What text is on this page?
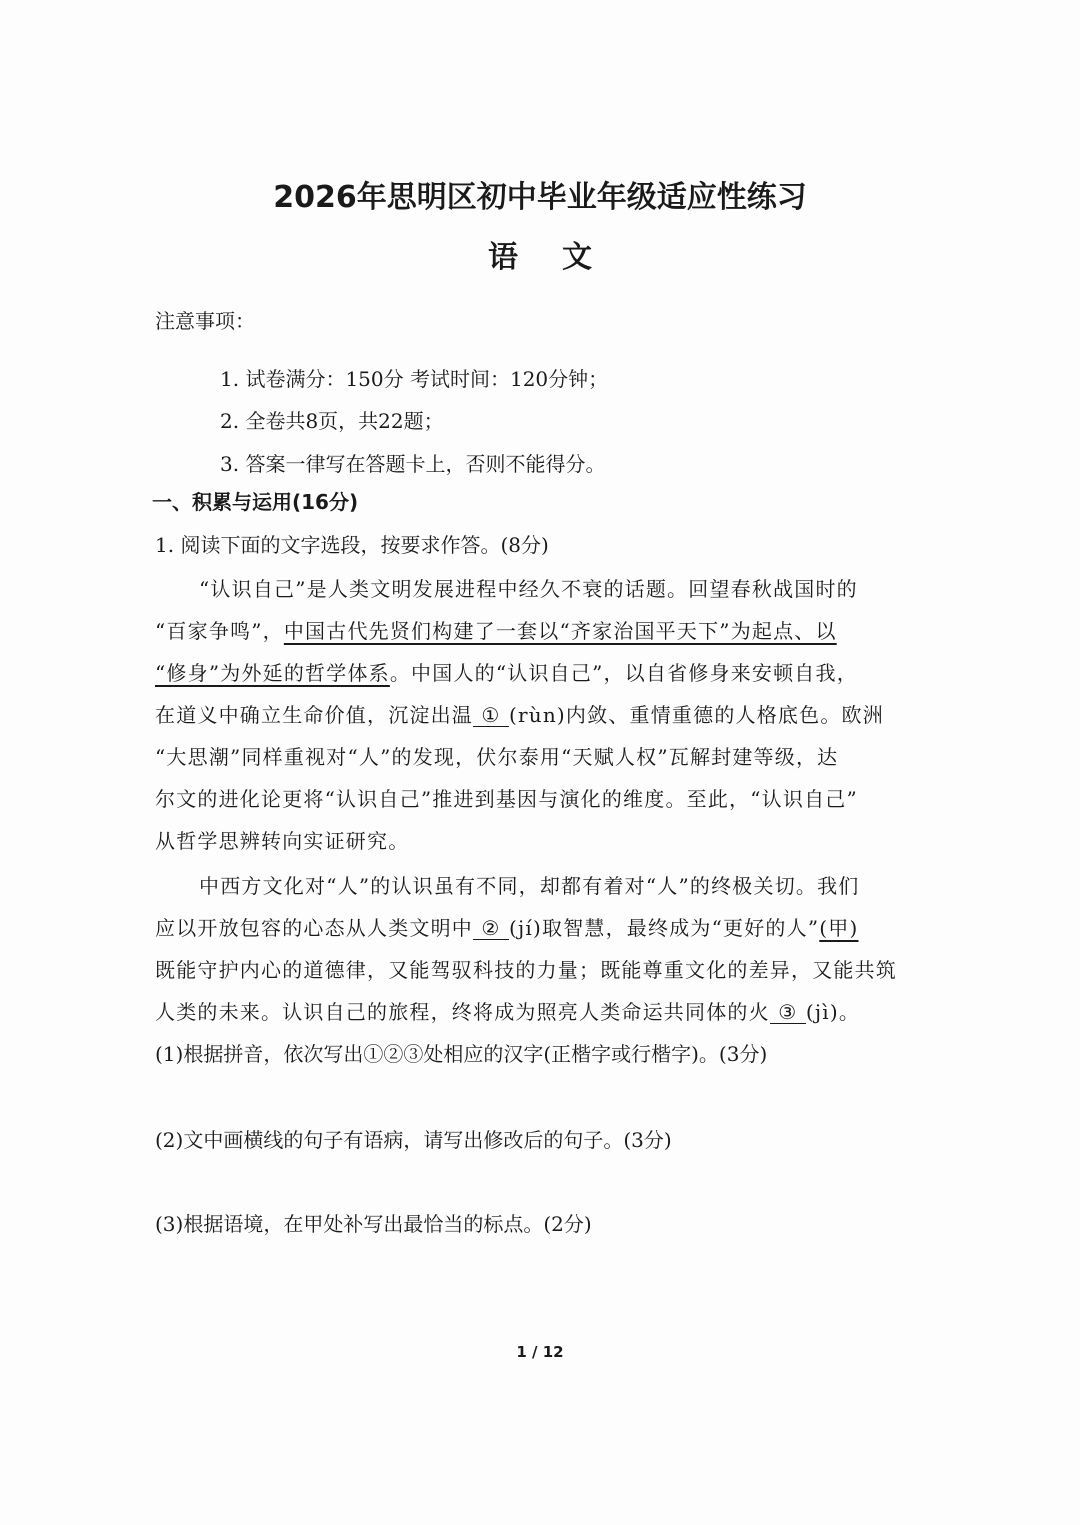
2026年思明区初中毕业年级适应性练习
语文
注意事项：
1. 试卷满分：150分 考试时间：120分钟；
2. 全卷共8页，共22题；
3. 答案一律写在答题卡上，否则不能得分。
一、积累与运用(16分)
1. 阅读下面的文字选段，按要求作答。(8分)
“认识自己”是人类文明发展进程中经久不衰的话题。回望春秋战国时的
“百家争鸣”，中国古代先贤们构建了一套以“齐家治国平天下”为起点、以
“修身”为外延的哲学体系。中国人的“认识自己”，以自省修身来安顿自我，
在道义中确立生命价值，沉淀出温 ① (rùn)内敛、重情重德的人格底色。欧洲
“大思潮”同样重视对“人”的发现，伏尔泰用“天赋人权”瓦解封建等级，达
尔文的进化论更将“认识自己”推进到基因与演化的维度。至此，“认识自己”
从哲学思辨转向实证研究。
中西方文化对“人”的认识虽有不同，却都有着对“人”的终极关切。我们
应以开放包容的心态从人类文明中 ② (jí)取智慧，最终成为“更好的人”(甲)
既能守护内心的道德律，又能驾驭科技的力量；既能尊重文化的差异，又能共筑
人类的未来。认识自己的旅程，终将成为照亮人类命运共同体的火 ③ (jì)。
(1)根据拼音，依次写出①②③处相应的汉字(正楷字或行楷字)。(3分)
(2)文中画横线的句子有语病，请写出修改后的句子。(3分)
(3)根据语境，在甲处补写出最恰当的标点。(2分)
1 / 12
